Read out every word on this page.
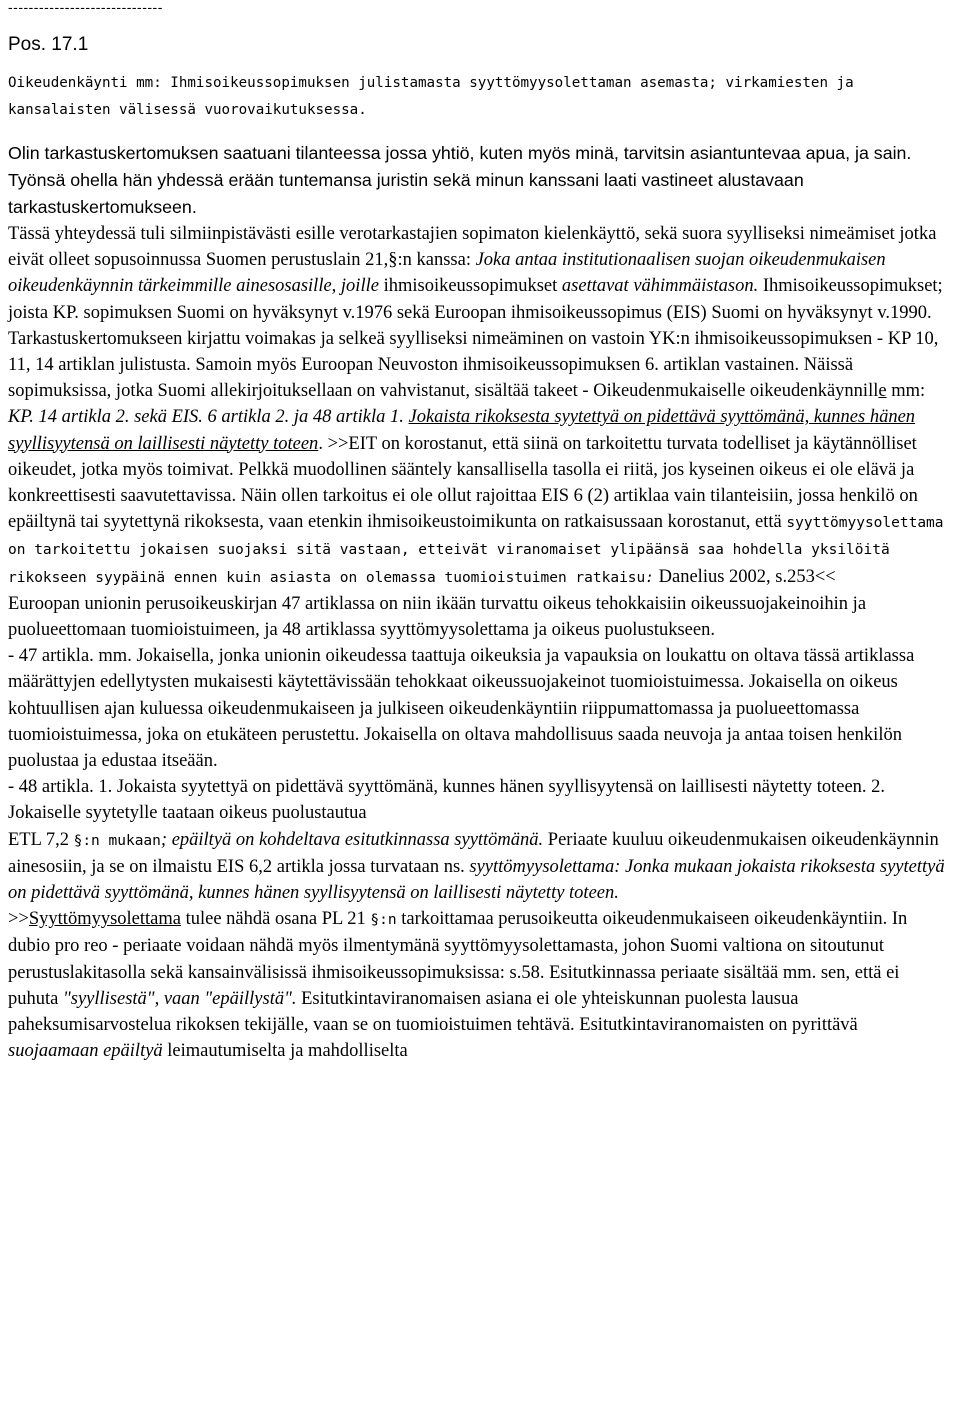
------------------------------
Pos. 17.1
Oikeudenkäynti mm: Ihmisoikeussopimuksen julistamasta syyttömyysolettaman asemasta; virkamiesten ja kansalaisten välisessä vuorovaikutuksessa.
Olin tarkastuskertomuksen saatuani tilanteessa jossa yhtiö, kuten myös minä, tarvitsin asiantuntevaa apua, ja sain. Työnsä ohella hän yhdessä erään tuntemansa juristin sekä minun kanssani laati vastineet alustavaan tarkastuskertomukseen.

Tässä yhteydessä tuli silmiinpistävästi esille verotarkastajien sopimaton kielenkäyttö, sekä suora syylliseksi nimeämiset jotka eivät olleet sopusoinnussa Suomen perustuslain 21,§:n kanssa: Joka antaa institutionaalisen suojan oikeudenmukaisen oikeudenkäynnin tärkeimmille ainesosasille, joille ihmisoikeussopimukset asettavat vähimmäistason. Ihmisoikeussopimukset; joista KP. sopimuksen Suomi on hyväksynyt v.1976 sekä Euroopan ihmisoikeussopimus (EIS) Suomi on hyväksynyt v.1990.

Tarkastuskertomukseen kirjattu voimakas ja selkeä syylliseksi nimeäminen on vastoin YK:n ihmisoikeussopimuksen - KP 10, 11, 14 artiklan julistusta. Samoin myös Euroopan Neuvoston ihmisoikeussopimuksen 6. artiklan vastainen. Näissä sopimuksissa, jotka Suomi allekirjoituksellaan on vahvistanut, sisältää takeet - Oikeudenmukaiselle oikeudenkäynnille mm:

KP. 14 artikla 2. sekä EIS. 6 artikla 2. ja 48 artikla 1. Jokaista rikoksesta syytettyä on pidettävä syyttömänä, kunnes hänen syyllisyytensä on laillisesti näytetty toteen. >>EIT on korostanut, että siinä on tarkoitettu turvata todelliset ja käytännölliset oikeudet, jotka myös toimivat. Pelkkä muodollinen sääntely kansallisella tasolla ei riitä, jos kyseinen oikeus ei ole elävä ja konkreettisesti saavutettavissa. Näin ollen tarkoitus ei ole ollut rajoittaa EIS 6 (2) artiklaa vain tilanteisiin, jossa henkilö on epäiltynä tai syytettynä rikoksesta, vaan etenkin ihmisoikeustoimikunta on ratkaisussaan korostanut, että syyttömyysolettama on tarkoitettu jokaisen suojaksi sitä vastaan, etteivät viranomaiset ylipäänsä saa hohdella yksilöitä rikokseen syypäinä ennen kuin asiasta on olemassa tuomioistuimen ratkaisu: Danelius 2002, s.253<<

Euroopan unionin perusoikeuskirjan 47 artiklassa on niin ikään turvattu oikeus tehokkaisiin oikeussuojakeinoihin ja puolueettomaan tuomioistuimeen, ja 48 artiklassa syyttömyysolettama ja oikeus puolustukseen.

- 47 artikla. mm. Jokaisella, jonka unionin oikeudessa taattuja oikeuksia ja vapauksia on loukattu on oltava tässä artiklassa määrättyjen edellytysten mukaisesti käytettävissään tehokkaat oikeussuojakeinot tuomioistuimessa. Jokaisella on oikeus kohtuullisen ajan kuluessa oikeudenmukaiseen ja julkiseen oikeudenkäyntiin riippumattomassa ja puolueettomassa tuomioistuimessa, joka on etukäteen perustettu. Jokaisella on oltava mahdollisuus saada neuvoja ja antaa toisen henkilön puolustaa ja edustaa itseään.

- 48 artikla. 1. Jokaista syytettyä on pidettävä syyttömänä, kunnes hänen syyllisyytensä on laillisesti näytetty toteen. 2. Jokaiselle syytetylle taataan oikeus puolustautua

ETL 7,2 §:n mukaan; epäiltyä on kohdeltava esitutkinnassa syyttömänä. Periaate kuuluu oikeudenmukaisen oikeudenkäynnin ainesosiin, ja se on ilmaistu EIS 6,2 artikla jossa turvataan ns. syyttömyysolettama: Jonka mukaan jokaista rikoksesta syytettyä on pidettävä syyttömänä, kunnes hänen syyllisyytensä on laillisesti näytetty toteen.

>>Syyttömyysolettama tulee nähdä osana PL 21 §:n tarkoittamaa perusoikeutta oikeudenmukaiseen oikeudenkäyntiin. In dubio pro reo - periaate voidaan nähdä myös ilmentymänä syyttömyysolettamasta, johon Suomi valtiona on sitoutunut perustuslakitasolla sekä kansainvälisissä ihmisoikeussopimuksissa: s.58. Esitutkinnassa periaate sisältää mm. sen, että ei puhuta "syyllisestä", vaan "epäillystä". Esitutkintaviranomaisen asiana ei ole yhteiskunnan puolesta lausua paheksumisarvostelua rikoksen tekijälle, vaan se on tuomioistuimen tehtävä. Esitutkintaviranomaisten on pyrittävä suojaamaan epäiltyä leimautumiselta ja mahdolliselta
